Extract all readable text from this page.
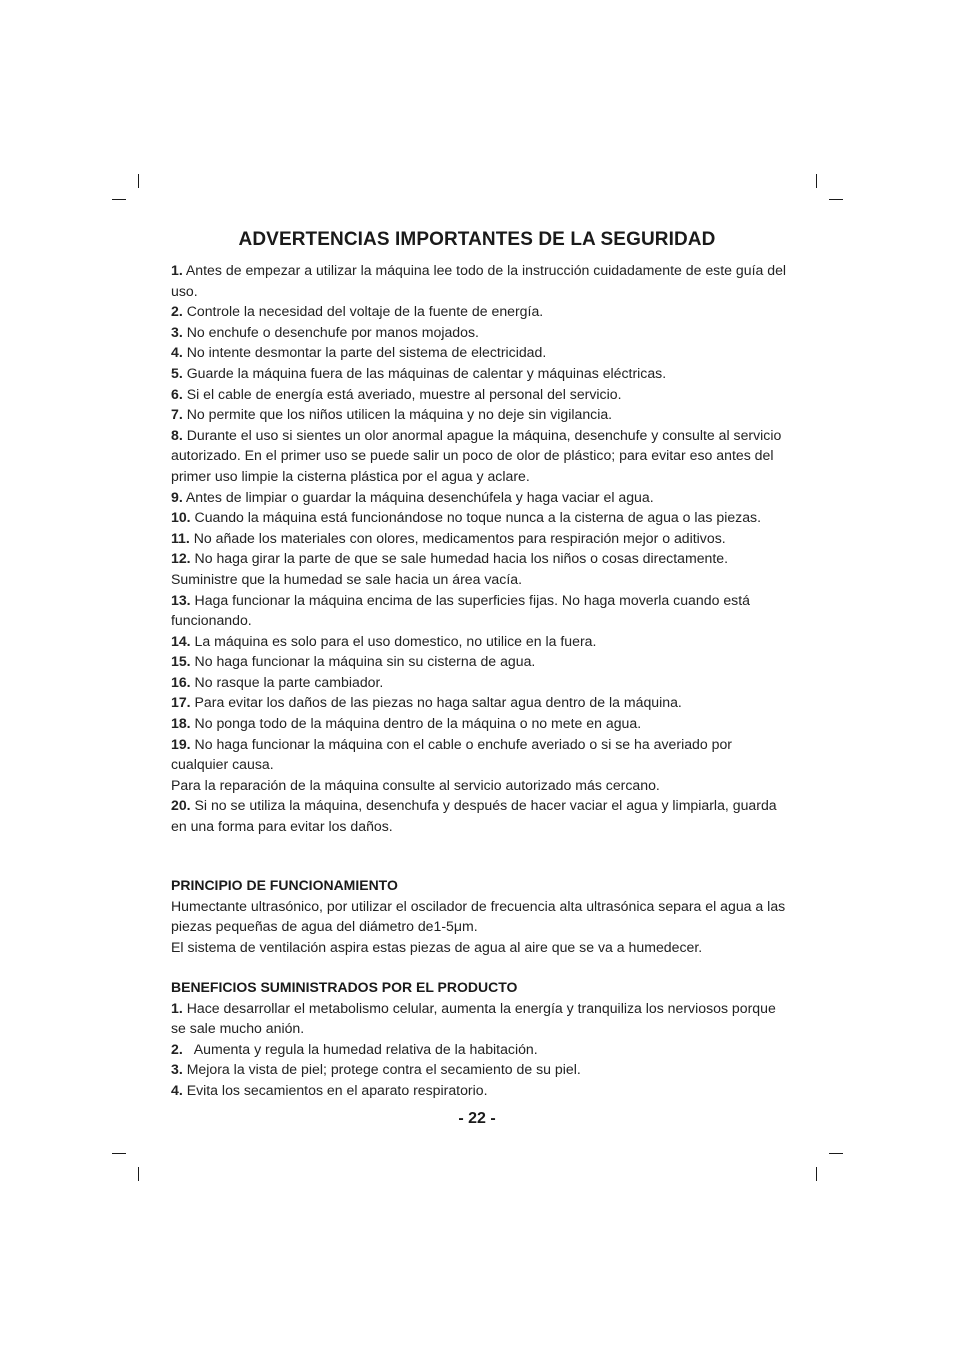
ADVERTENCIAS IMPORTANTES DE LA SEGURIDAD

1. Antes de empezar a utilizar la máquina lee todo de la instrucción cuidadamente de este guía del uso.

2. Controle la necesidad del voltaje de la fuente de energía.

3. No enchufe o desenchufe por manos mojados.

4. No intente desmontar la parte del sistema de electricidad.

5. Guarde la máquina fuera de las máquinas de calentar y máquinas eléctricas.

6. Si el cable de energía está averiado, muestre al personal del servicio.

7. No permite que los niños utilicen la máquina y no deje sin vigilancia.

8. Durante el uso si sientes un olor anormal apague la máquina, desenchufe y consulte al servicio autorizado. En el primer uso se puede salir un poco de olor de plástico; para evitar eso antes del primer uso limpie la cisterna plástica por el agua y aclare.

9. Antes de limpiar o guardar la máquina desenchúfela y haga vaciar el agua.

10. Cuando la máquina está funcionándose no toque nunca a la cisterna de agua o las piezas.

11. No añade los materiales con olores, medicamentos para respiración mejor o aditivos.

12. No haga girar la parte de que se sale humedad hacia los niños o cosas directamente. Suministre que la humedad se sale hacia un área vacía.

13. Haga funcionar la máquina encima de las superficies fijas. No haga moverla cuando está funcionando.

14. La máquina es solo para el uso domestico, no utilice en la fuera.

15. No haga funcionar la máquina sin su cisterna de agua.

16. No rasque la parte cambiador.

17. Para evitar los daños de las piezas no haga saltar agua dentro de la máquina.

18. No ponga todo de la máquina dentro de la máquina o no mete en agua.

19. No haga funcionar la máquina con el cable o enchufe averiado o si se ha averiado por cualquier causa.

Para la reparación de la máquina consulte al servicio autorizado más cercano.

20. Si no se utiliza la máquina, desenchufa y después de hacer vaciar el agua y limpiarla, guarda en una forma para evitar los daños.

PRINCIPIO DE FUNCIONAMIENTO

Humectante ultrasónico, por utilizar el oscilador de frecuencia alta ultrasónica separa el agua a las piezas pequeñas de agua del diámetro de1-5μm.

El sistema de ventilación aspira estas piezas de agua al aire que se va a humedecer.

BENEFICIOS SUMINISTRADOS POR EL PRODUCTO

1. Hace desarrollar el metabolismo celular, aumenta la energía y tranquiliza los nerviosos porque se sale mucho anión.

2.   Aumenta y regula la humedad relativa de la habitación.

3. Mejora la vista de piel; protege contra el secamiento de su piel.

4. Evita los secamientos en el aparato respiratorio.

- 22 -
